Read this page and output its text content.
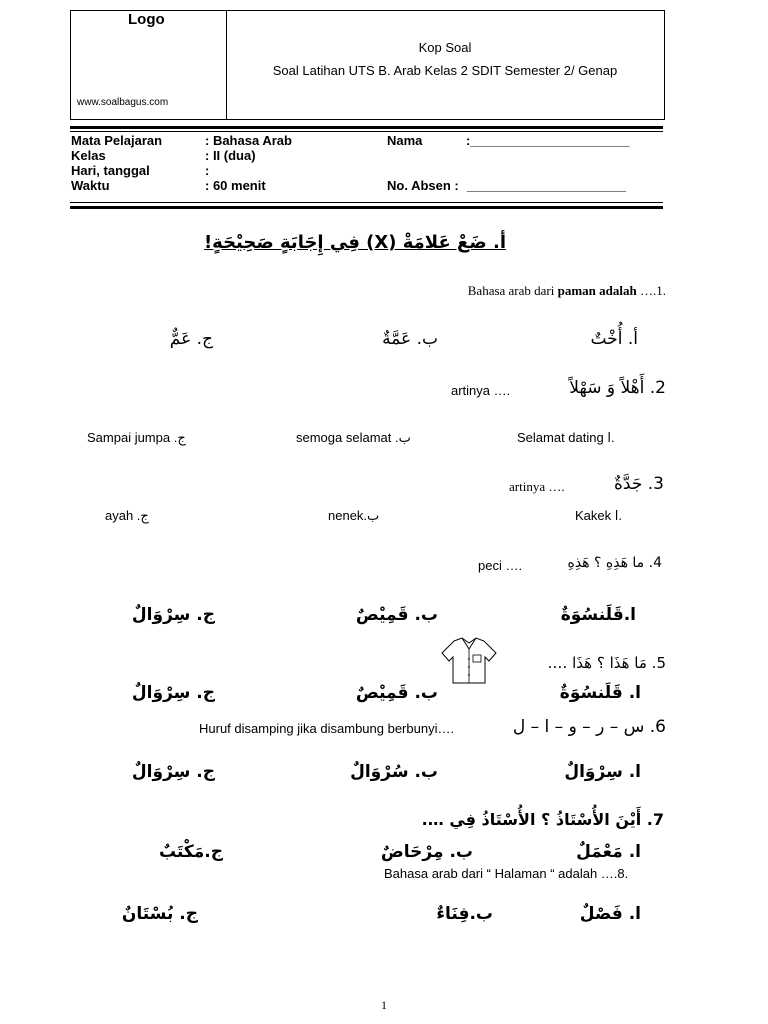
Logo
www.soalbagus.com
Kop Soal
Soal Latihan UTS B. Arab Kelas 2 SDIT Semester 2/ Genap
Mata Pelajaran	: Bahasa Arab
Kelas	: II (dua)
Hari, tanggal	:
Waktu	: 60 menit
Nama	:______________________
No. Absen : ______________________
أ. ضَعْ عَلامَةْ (X) فِي إِجَابَةٍ صَحِيْحَةٍ!
Bahasa arab dari paman adalah ….1.
أ. أُخْتٌ
ب. عَمَّةٌ
ج. عَمٌّ
artinya ….	2. أَهْلاً وَ سَهْلاً
Selamat dating ا.
semoga selamat .ب
Sampai jumpa .ج
artinya ….	3. جَدَّةٌ
Kakek ا.
nenek.ب
ayah .ج
peci ….	4. ما هَذِهِ ؟ هَذِهِ
ا.قَلَنسُوَةٌ
ب. قَمِيْصٌ
ج. سِرْوَالٌ
5. مَا هَذَا ؟ هَذَا ….
ا. قَلَنسُوَةٌ
ب. قَمِيْصٌ
ج. سِرْوَالٌ
Huruf disamping jika disambung berbunyi….	6. س – ر – و – ا – ل
ا. سِرْوَالٌ
ب. سُرْوَالٌ
ج. سِرْوَالٌ
7. أَيْنَ الأُسْتَاذُ ؟ الأُسْتَاذُ فِي ….
ا. مَعْمَلٌ
ب. مِرْحَاضٌ
ج.مَكْتَبٌ
Bahasa arab dari “ Halaman “ adalah ….8.
ا. فَصْلٌ
ب.فِنَاءٌ
ج. بُسْتَانٌ
1
